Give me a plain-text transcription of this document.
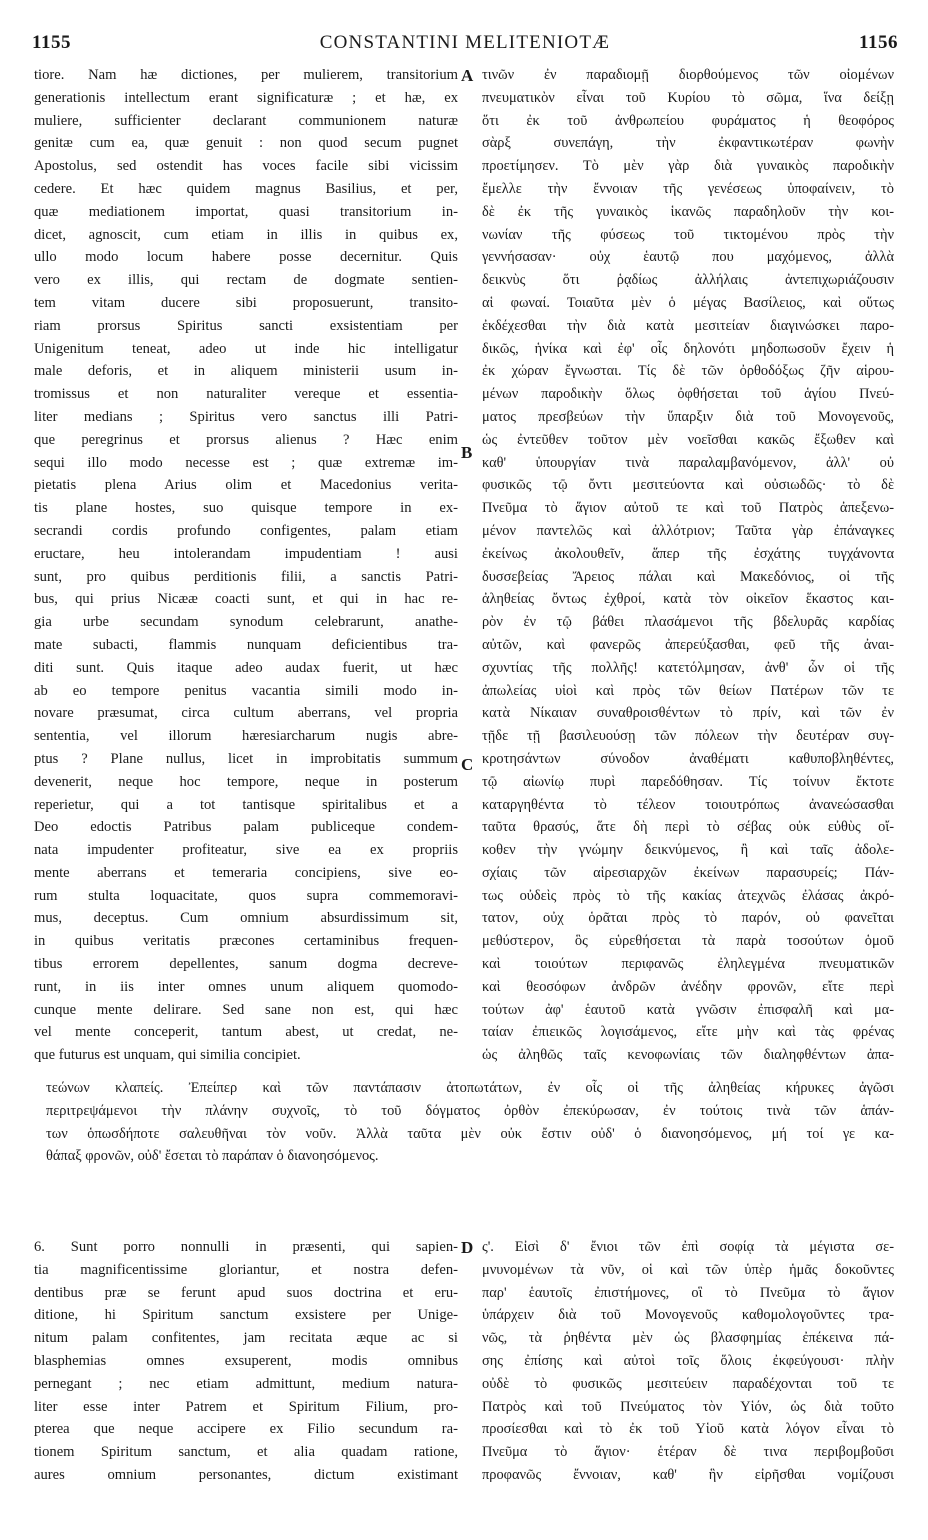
1155	CONSTANTINI MELITENIOTÆ	1156
tiore. Nam hæ dictiones, per mulierem, transitorium
generationis intellectum erant significaturæ ; et hæ, ex
muliere, sufficienter declarant communionem naturæ
genitæ cum ea, quæ genuit : non quod secum pugnet
Apostolus, sed ostendit has voces facile sibi vicissim
cedere. Et hæc quidem magnus Basilius, et per,
quæ mediationem importat, quasi transitorium in-
dicet, agnoscit, cum etiam in illis in quibus ex,
ullo modo locum habere posse decernitur. Quis
vero ex illis, qui rectam de dogmate sentien-
tem vitam ducere sibi proposuerunt, transito-
riam prorsus Spiritus sancti exsistentiam per
Unigenitum teneat, adeo ut inde hic intelligatur
male deforis, et in aliquem ministerii usum in-
tromissus et non naturaliter vereque et essentia-
liter medians ; Spiritus vero sanctus illi Patri-
que peregrinus et prorsus alienus ? Hæc enim
sequi illo modo necesse est ; quæ extremæ im-
pietatis plena Arius olim et Macedonius verita-
tis plane hostes, suo quisque tempore in ex-
secrandi cordis profundo configentes, palam etiam
eructare, heu intolerandam impudentiam ! ausi
sunt, pro quibus perditionis filii, a sanctis Patri-
bus, qui prius Nicææ coacti sunt, et qui in hac re-
gia urbe secundam synodum celebrarunt, anathe-
mate subacti, flammis nunquam deficientibus tra-
diti sunt. Quis itaque adeo audax fuerit, ut hæc
ab eo tempore penitus vacantia simili modo in-
novare præsumat, circa cultum aberrans, vel propria
sententia, vel illorum hæresiarcharum nugis abre-
ptus ? Plane nullus, licet in improbitatis summum
devenerit, neque hoc tempore, neque in posterum
reperietur, qui a tot tantisque spiritalibus et a
Deo edoctis Patribus palam publiceque condem-
nata impudenter profiteatur, sive ea ex propriis
mente aberrans et temeraria concipiens, sive eo-
rum stulta loquacitate, quos supra commemoravi-
mus, deceptus. Cum omnium absurdissimum sit,
in quibus veritatis præcones certaminibus frequen-
tibus errorem depellentes, sanum dogma decreve-
runt, in iis inter omnes unum aliquem quomodo-
cunque mente delirare. Sed sane non est, qui hæc
vel mente conceperit, tantum abest, ut credat, ne-
que futurus est unquam, qui similia concipiet.
τινῶν ἐν παραδιομῇ διορθούμενος τῶν οἰομένων
πνευματικὸν εἶναι τοῦ Κυρίου τὸ σῶμα, ἵνα δείξῃ
ὅτι ἐκ τοῦ ἀνθρωπείου φυράματος ἡ θεοφόρος
σὰρξ συνεπάγη, τὴν ἐκφαντικωτέραν φωνὴν
προετίμησεν. Τὸ μὲν γὰρ διὰ γυναικὸς παροδικὴν
ἔμελλε τὴν ἔννοιαν τῆς γενέσεως ὑποφαίνειν, τὸ
δὲ ἐκ τῆς γυναικὸς ἱκανῶς παραδηλοῦν τὴν κοι-
νωνίαν τῆς φύσεως τοῦ τικτομένου πρὸς τὴν
γεννήσασαν· οὐχ ἑαυτῷ που μαχόμενος, ἀλλὰ
δεικνὺς ὅτι ῥᾳδίως ἀλλήλαις ἀντεπιχωριάζουσιν
αἱ φωναί. Τοιαῦτα μὲν ὁ μέγας Βασίλειος, καὶ οὕτως
ἐκδέχεσθαι τὴν διὰ κατὰ μεσιτείαν διαγινώσκει παρο-
δικῶς, ἡνίκα καὶ ἐφ' οἷς δηλονότι μηδοπωσοῦν ἔχειν ἡ
ἐκ χώραν ἔγνωσται. Τίς δὲ τῶν ὀρθοδόξως ζῆν αἱρου-
μένων παροδικὴν ὅλως ὀφθήσεται τοῦ ἁγίου Πνεύ-
ματος πρεσβεύων τὴν ὕπαρξιν διὰ τοῦ Μονογενοῦς,
ὡς ἐντεῦθεν τοῦτον μὲν νοεῖσθαι κακῶς ἔξωθεν καὶ
καθ' ὑπουργίαν τινὰ παραλαμβανόμενον, ἀλλ' οὐ
φυσικῶς τῷ ὄντι μεσιτεύοντα καὶ οὐσιωδῶς· τὸ δὲ
Πνεῦμα τὸ ἅγιον αὐτοῦ τε καὶ τοῦ Πατρὸς ἀπεξενω-
μένον παντελῶς καὶ ἀλλότριον; Ταῦτα γὰρ ἐπάναγκες
ἐκείνως ἀκολουθεῖν, ἅπερ τῆς ἐσχάτης τυγχάνοντα
δυσσεβείας Ἄρειος πάλαι καὶ Μακεδόνιος, οἱ τῆς
ἀληθείας ὄντως ἐχθροί, κατὰ τὸν οἰκεῖον ἕκαστος και-
ρὸν ἐν τῷ βάθει πλασάμενοι τῆς βδελυρᾶς καρδίας
αὐτῶν, καὶ φανερῶς ἀπερεύξασθαι, φεῦ τῆς ἀναι-
σχυντίας τῆς πολλῆς! κατετόλμησαν, ἀνθ' ὧν οἱ τῆς
ἀπωλείας υἱοὶ καὶ πρὸς τῶν θείων Πατέρων τῶν τε
κατὰ Νίκαιαν συναθροισθέντων τὸ πρίν, καὶ τῶν ἐν
τῇδε τῇ βασιλευούσῃ τῶν πόλεων τὴν δευτέραν συγ-
κροτησάντων σύνοδον ἀναθέματι καθυποβληθέντες,
τῷ αἰωνίῳ πυρὶ παρεδόθησαν. Τίς τοίνυν ἔκτοτε
καταργηθέντα τὸ τέλεον τοιουτρόπως ἀνανεώσασθαι
ταῦτα θρασύς, ἅτε δὴ περὶ τὸ σέβας οὐκ εὐθὺς οἴ-
κοθεν τὴν γνώμην δεικνύμενος, ἢ καὶ ταῖς ἀδολε-
σχίαις τῶν αἱρεσιαρχῶν ἐκείνων παρασυρείς; Πάν-
τως οὐδεὶς πρὸς τὸ τῆς κακίας ἀτεχνῶς ἐλάσας ἀκρό-
τατον, οὐχ ὁρᾶται πρὸς τὸ παρόν, οὐ φανεῖται
μεθύστερον, ὃς εὑρεθήσεται τὰ παρὰ τοσούτων ὁμοῦ
καὶ τοιούτων περιφανῶς ἐληλεγμένα πνευματικῶν
καὶ θεοσόφων ἀνδρῶν ἀνέδην φρονῶν, εἴτε περὶ
τούτων ἀφ' ἑαυτοῦ κατὰ γνῶσιν ἐπισφαλῆ καὶ μα-
ταίαν ἐπιεικῶς λογισάμενος, εἴτε μὴν καὶ τὰς φρένας
ὡς ἀληθῶς ταῖς κενοφωνίαις τῶν διαληφθέντων ἀπα-
τεώνων κλαπείς. Ἐπείπερ καὶ τῶν παντάπασιν ἀτοπωτάτων, ἐν οἷς οἱ τῆς ἀληθείας κήρυκες ἀγῶσι
περιτρεψάμενοι τὴν πλάνην συχνοῖς, τὸ τοῦ δόγματος ὀρθὸν ἐπεκύρωσαν, ἐν τούτοις τινὰ τῶν ἁπάν-
των ὁπωσδήποτε σαλευθῆναι τὸν νοῦν. Ἀλλὰ ταῦτα μὲν οὐκ ἔστιν οὐδ' ὁ διανοησόμενος, μή τοί γε κα-
θάπαξ φρονῶν, οὐδ' ἔσεται τὸ παράπαν ὁ διανοησόμενος.
6. Sunt porro nonnulli in præsenti, qui sapien-
tia magnificentissime gloriantur, et nostra defen-
dentibus præ se ferunt apud suos doctrina et eru-
ditione, hi Spiritum sanctum exsistere per Unige-
nitum palam confitentes, jam recitata æque ac si
blasphemias omnes exsuperent, modis omnibus
pernegant ; nec etiam admittunt, medium natura-
liter esse inter Patrem et Spiritum Filium, pro-
pterea que neque accipere ex Filio secundum ra-
tionem Spiritum sanctum, et alia quadam ratione,
aures omnium personantes, dictum existimant
ς'. Εἰσὶ δ' ἔνιοι τῶν ἐπὶ σοφίᾳ τὰ μέγιστα σε-
μνυνομένων τὰ νῦν, οἱ καὶ τῶν ὑπὲρ ἡμᾶς δοκοῦντες
παρ' ἑαυτοῖς ἐπιστήμονες, οἳ τὸ Πνεῦμα τὸ ἅγιον
ὑπάρχειν διὰ τοῦ Μονογενοῦς καθομολογοῦντες τρα-
νῶς, τὰ ῥηθέντα μὲν ὡς βλασφημίας ἐπέκεινα πά-
σης ἐπίσης καὶ αὐτοὶ τοῖς ὅλοις ἐκφεύγουσι· πλὴν
οὐδὲ τὸ φυσικῶς μεσιτεύειν παραδέχονται τοῦ τε
Πατρὸς καὶ τοῦ Πνεύματος τὸν Υἱόν, ὡς διὰ τοῦτο
προσίεσθαι καὶ τὸ ἐκ τοῦ Υἱοῦ κατὰ λόγον εἶναι τὸ
Πνεῦμα τὸ ἅγιον· ἑτέραν δὲ τινα περιβομβοῦσι
προφανῶς ἔννοιαν, καθ' ἣν εἰρῆσθαι νομίζουσι
A
B
C
D
